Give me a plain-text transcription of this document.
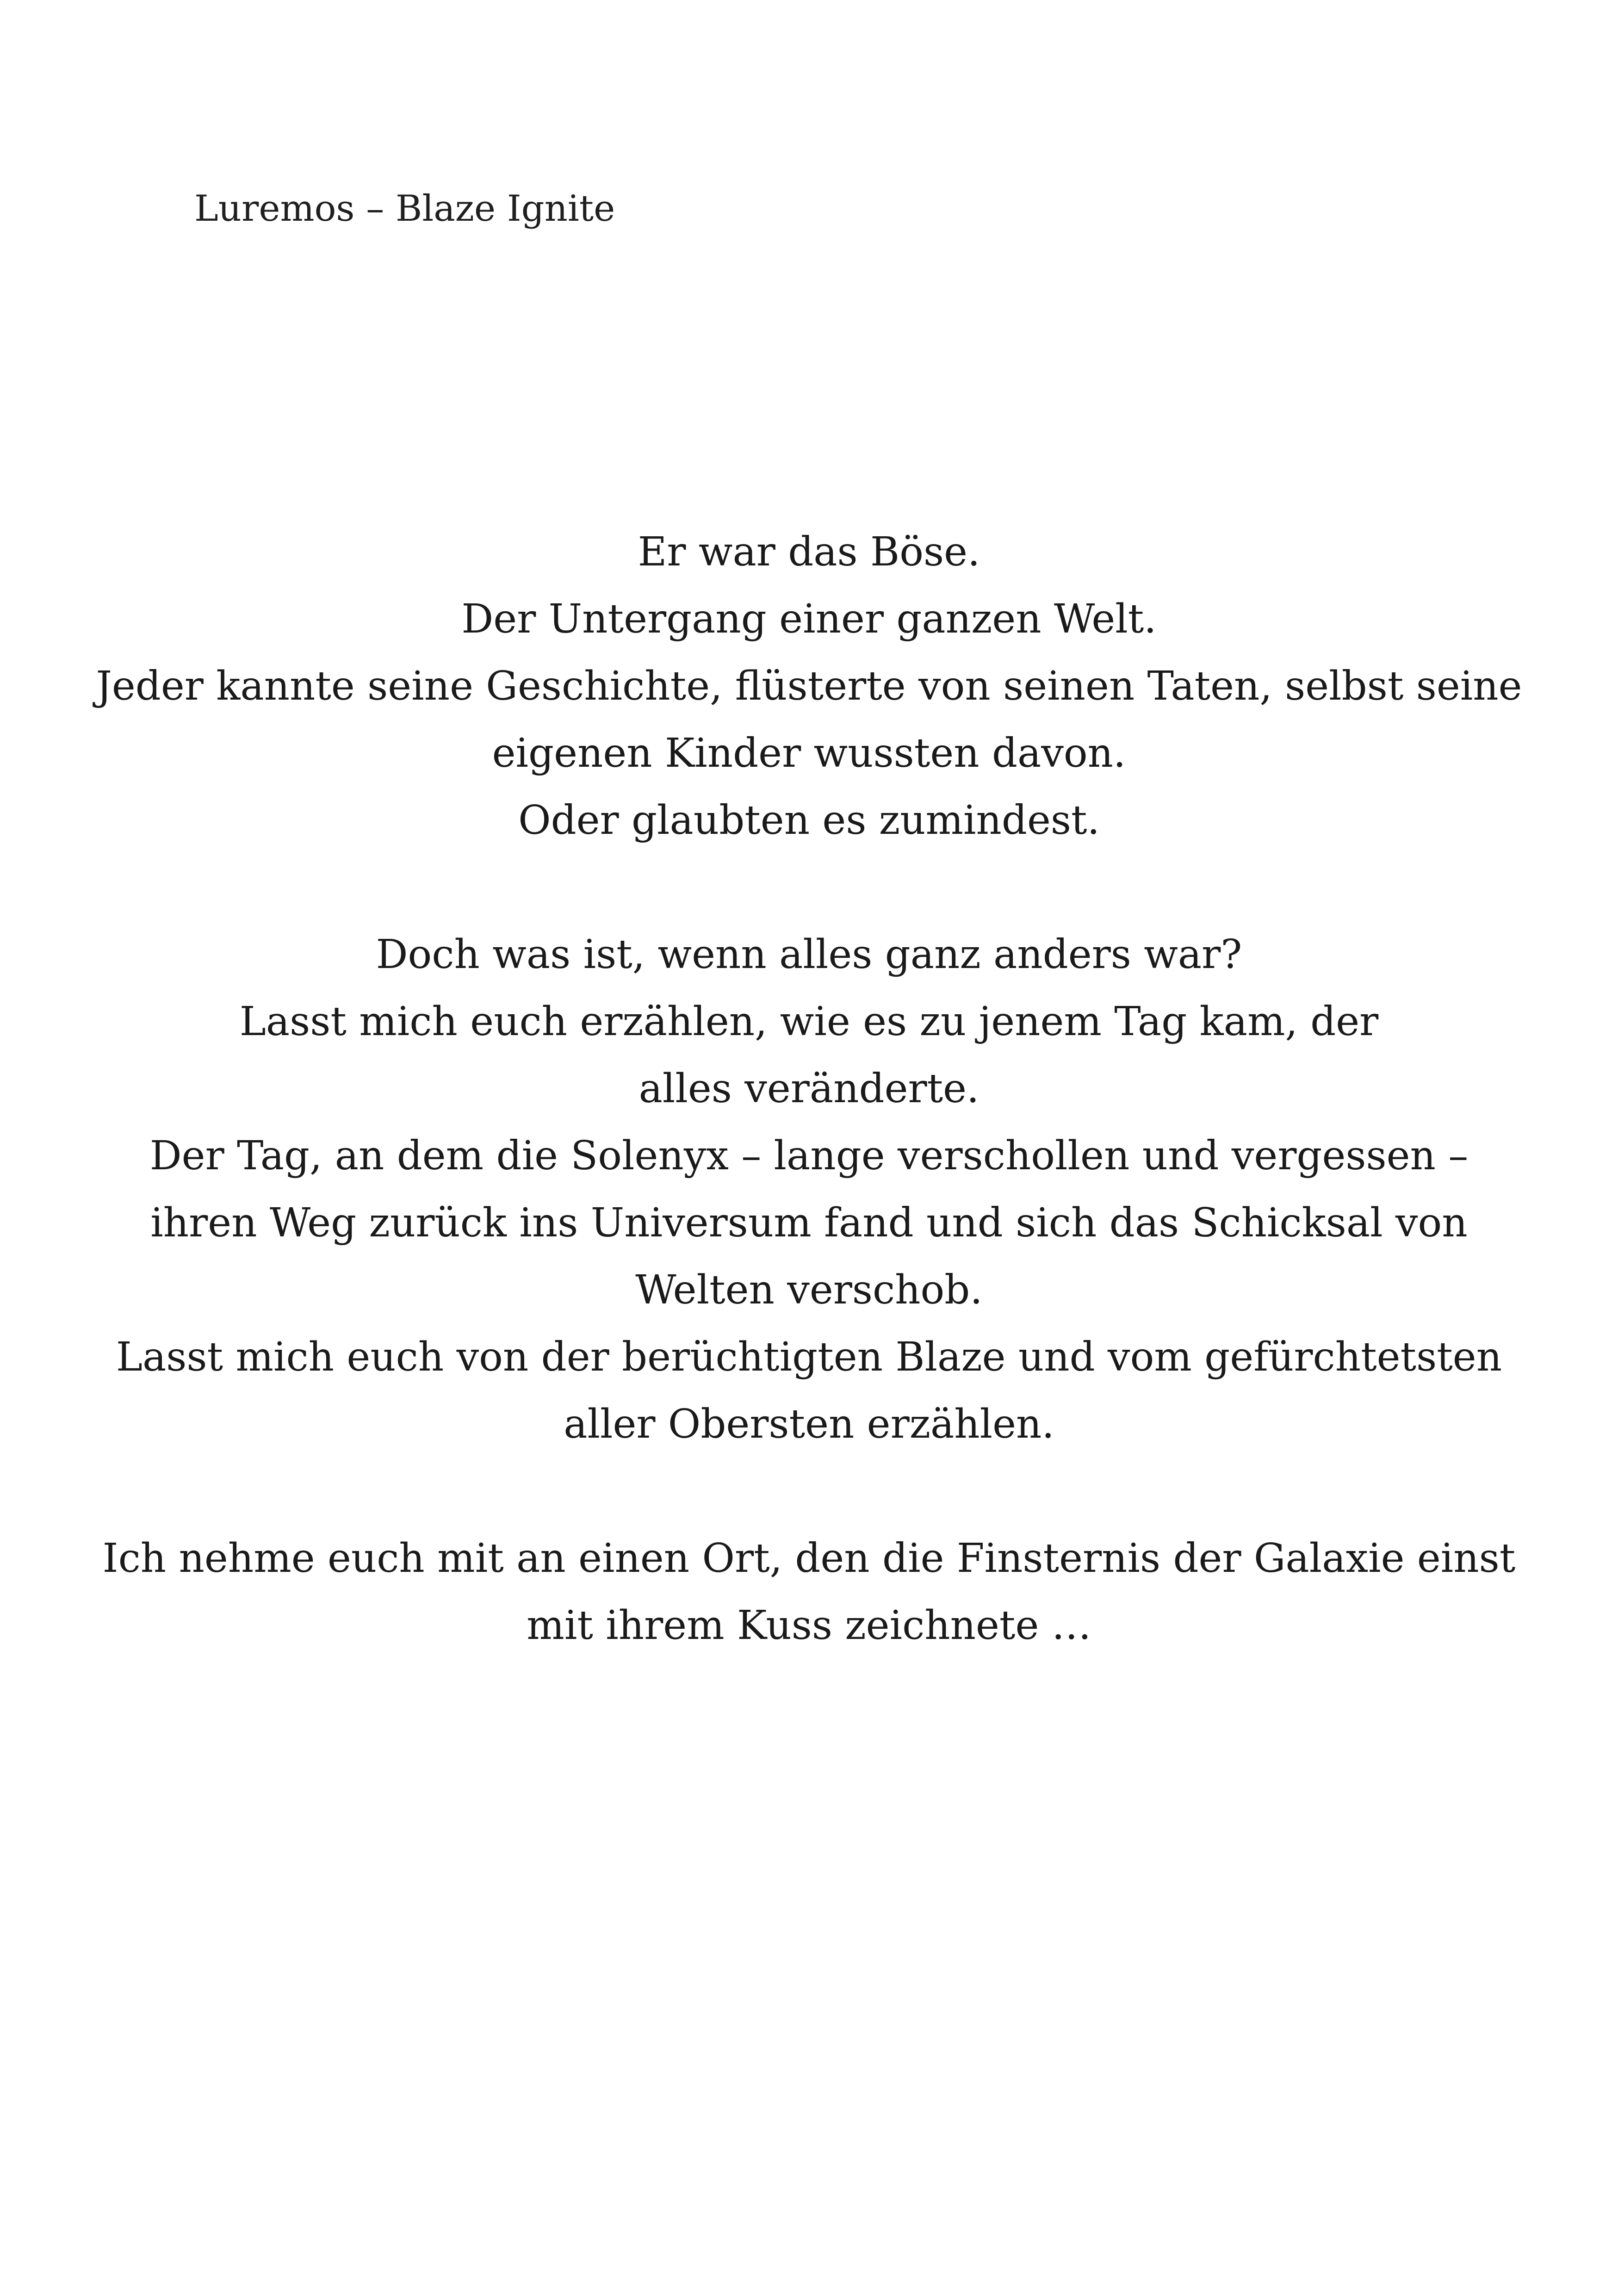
Luremos – Blaze Ignite
Er war das Böse.
Der Untergang einer ganzen Welt.
Jeder kannte seine Geschichte, flüsterte von seinen Taten, selbst seine
eigenen Kinder wussten davon.
Oder glaubten es zumindest.
Doch was ist, wenn alles ganz anders war?
Lasst mich euch erzählen, wie es zu jenem Tag kam, der
alles veränderte.
Der Tag, an dem die Solenyx – lange verschollen und vergessen –
ihren Weg zurück ins Universum fand und sich das Schicksal von
Welten verschob.
Lasst mich euch von der berüchtigten Blaze und vom gefürchtetsten
aller Obersten erzählen.
Ich nehme euch mit an einen Ort, den die Finsternis der Galaxie einst
mit ihrem Kuss zeichnete …
